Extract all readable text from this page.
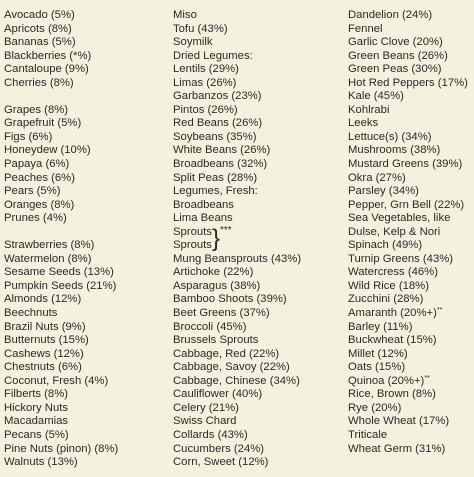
Avocado (5%)
Apricots (8%)
Bananas (5%)
Blackberries (*%)
Cantaloupe (9%)
Cherries (8%)
Grapes (8%)
Grapefruit (5%)
Figs (6%)
Honeydew (10%)
Papaya (6%)
Peaches (6%)
Pears (5%)
Oranges (8%)
Prunes (4%)
Strawberries (8%)
Watermelon (8%)
Sesame Seeds (13%)
Pumpkin Seeds (21%)
Almonds (12%)
Beechnuts
Brazil Nuts (9%)
Butternuts (15%)
Cashews (12%)
Chestnuts (6%)
Coconut, Fresh (4%)
Filberts (8%)
Hickory Nuts
Macadamias
Pecans (5%)
Pine Nuts (pinon) (8%)
Walnuts (13%)
Miso
Tofu (43%)
Soymilk
Dried Legumes:
Lentils (29%)
Limas (26%)
Garbanzos (23%)
Pintos (26%)
Red Beans (26%)
Soybeans (35%)
White Beans (26%)
Broadbeans (32%)
Split Peas (28%)
Legumes, Fresh:
Broadbeans
Lima Beans
Sprouts
Sprouts } ***
Mung Beansprouts (43%)
Artichoke (22%)
Asparagus (38%)
Bamboo Shoots (39%)
Beet Greens (37%)
Broccoli (45%)
Brussels Sprouts
Cabbage, Red (22%)
Cabbage, Savoy (22%)
Cabbage, Chinese (34%)
Cauliflower (40%)
Celery (21%)
Swiss Chard
Collards (43%)
Cucumbers (24%)
Corn, Sweet (12%)
Dandelion (24%)
Fennel
Garlic Clove (20%)
Green Beans (26%)
Green Peas (30%)
Hot Red Peppers (17%)
Kale (45%)
Kohlrabi
Leeks
Lettuce(s) (34%)
Mushrooms (38%)
Mustard Greens (39%)
Okra (27%)
Parsley (34%)
Pepper, Grn Bell (22%)
Sea Vegetables, like
Dulse, Kelp & Nori
Spinach (49%)
Turnip Greens (43%)
Watercress (46%)
Wild Rice (18%)
Zucchini (28%)
Amaranth (20%+)**
Barley (11%)
Buckwheat (15%)
Millet (12%)
Oats (15%)
Quinoa (20%+)**
Rice, Brown (8%)
Rye (20%)
Whole Wheat (17%)
Triticale
Wheat Germ (31%)
